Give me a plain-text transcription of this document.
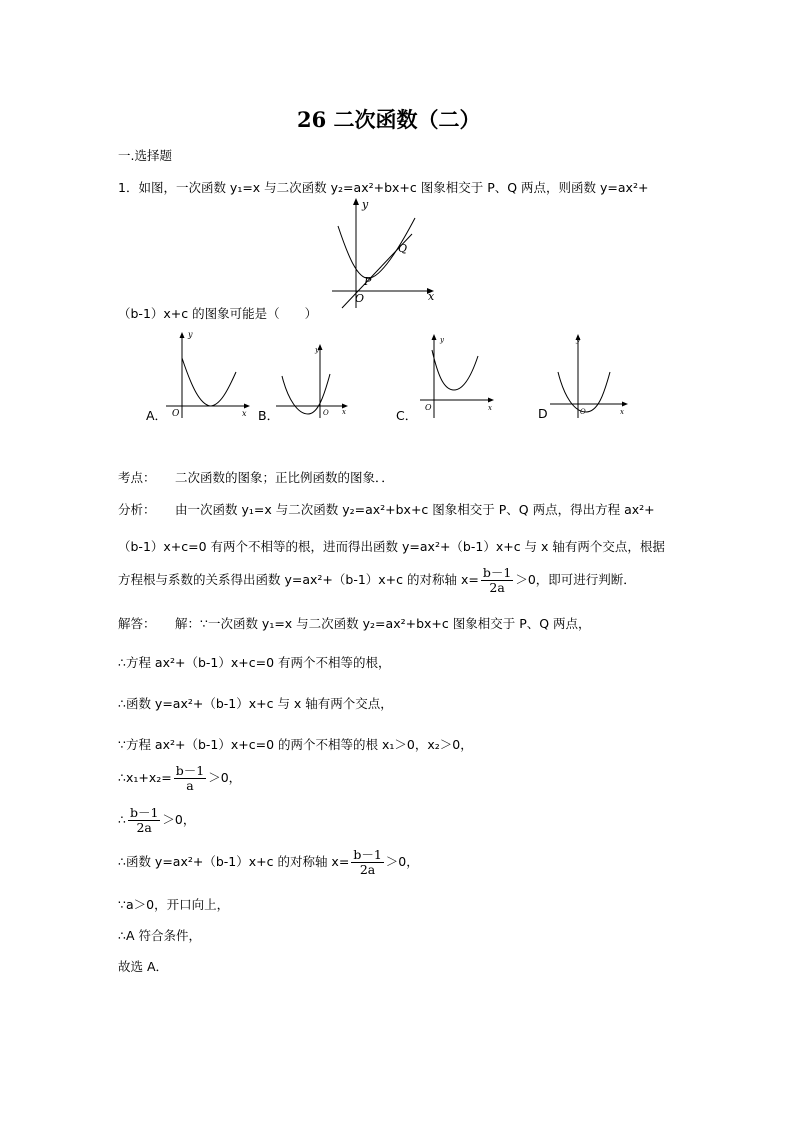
26 二次函数（二）
一.选择题
1．如图，一次函数 y₁=x 与二次函数 y₂=ax²+bx+c 图象相交于 P、Q 两点，则函数 y=ax²+
y
x
O
P
Q
（b-1）x+c 的图象可能是（　　）
A．
y
x
O	B．
y
x
O	C．
y
x
O	D
y
x
O
考点： 二次函数的图象；正比例函数的图象．．
分析： 由一次函数 y₁=x 与二次函数 y₂=ax²+bx+c 图象相交于 P、Q 两点，得出方程 ax²+
（b-1）x+c=0 有两个不相等的根，进而得出函数 y=ax²+（b-1）x+c 与 x 轴有两个交点，根据
方程根与系数的关系得出函数 y=ax²+（b-1）x+c 的对称轴 $x= \frac{b-1}{2a} >0$，即可进行判断．
解答： 解：∵一次函数 y₁=x 与二次函数 y₂=ax²+bx+c 图象相交于 P、Q 两点，
∴方程 ax²+（b-1）x+c=0 有两个不相等的根，
∴函数 y=ax²+（b-1）x+c 与 x 轴有两个交点，
∵方程 ax²+（b-1）x+c=0 的两个不相等的根 x₁＞0，x₂＞0，
∴x₁+x₂= $\frac{b-1}{a} >0$，
∴ $\frac{b-1}{2a} >0$，
∴函数 y=ax²+（b-1）x+c 的对称轴 $x= \frac{b-1}{2a} >0$，
∵a＞0，开口向上，
∴A 符合条件，
故选 A．
